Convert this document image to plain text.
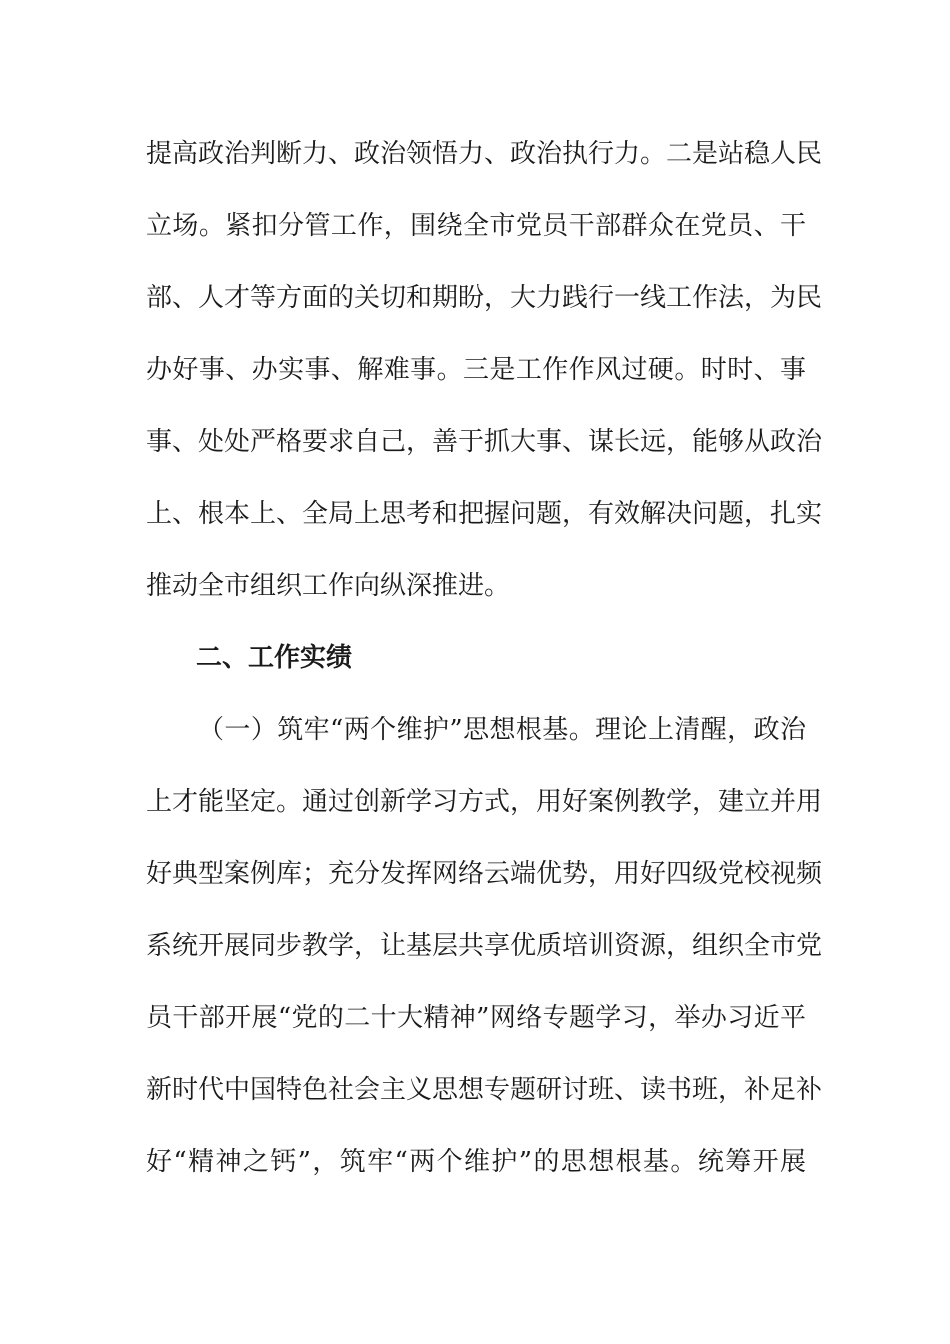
提高政治判断力、政治领悟力、政治执行力。二是站稳人民
立场。紧扣分管工作，围绕全市党员干部群众在党员、干
部、人才等方面的关切和期盼，大力践行一线工作法，为民
办好事、办实事、解难事。三是工作作风过硬。时时、事
事、处处严格要求自己，善于抓大事、谋长远，能够从政治
上、根本上、全局上思考和把握问题，有效解决问题，扎实
推动全市组织工作向纵深推进。
二、工作实绩
（一）筑牢“两个维护”思想根基。理论上清醒，政治
上才能坚定。通过创新学习方式，用好案例教学，建立并用
好典型案例库；充分发挥网络云端优势，用好四级党校视频
系统开展同步教学，让基层共享优质培训资源，组织全市党
员干部开展“党的二十大精神”网络专题学习，举办习近平
新时代中国特色社会主义思想专题研讨班、读书班，补足补
好“精神之钙”，筑牢“两个维护”的思想根基。统筹开展
